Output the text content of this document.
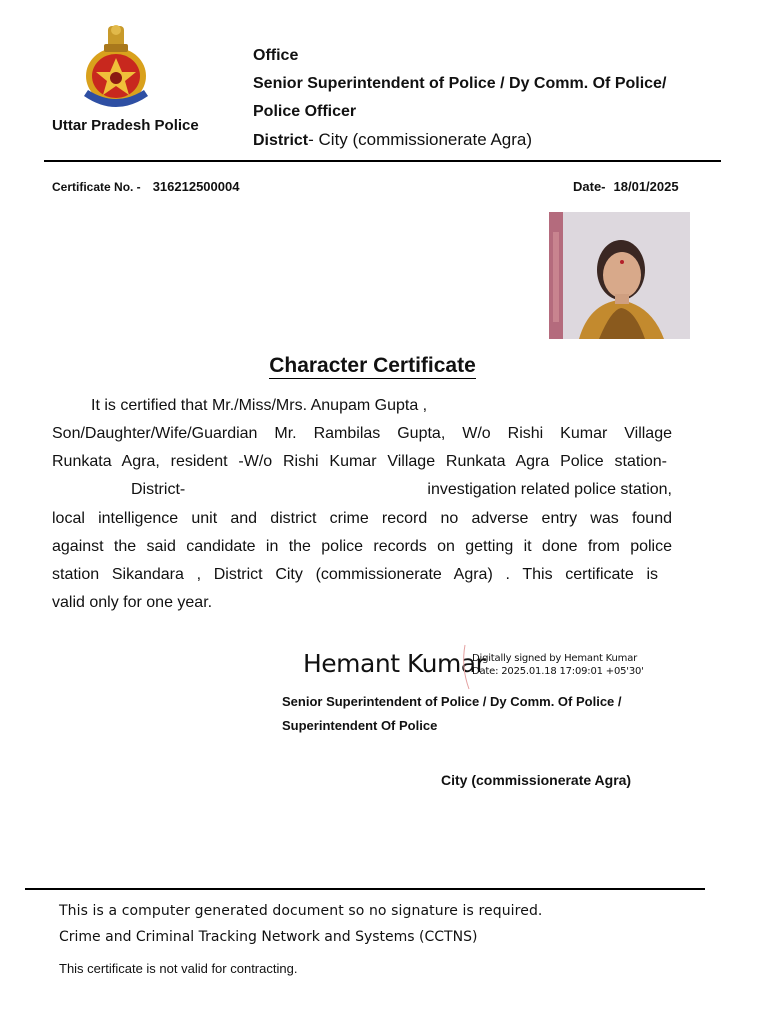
Uttar Pradesh Police
Office
Senior Superintendent of Police / Dy Comm. Of Police/
Police Officer
District- City (commissionerate Agra)
Certificate No. - 316212500004	Date- 18/01/2025
Character Certificate
It is certified that Mr./Miss/Mrs. Anupam Gupta ,
Son/Daughter/Wife/Guardian Mr. Rambilas Gupta, W/o Rishi Kumar Village
Runkata Agra, resident -W/o Rishi Kumar Village Runkata Agra Police station-
District-	investigation related police station,
local intelligence unit and district crime record no adverse entry was found
against the said candidate in the police records on getting it done from police
station Sikandara , District City (commissionerate Agra) . This certificate is
valid only for one year.
Hemant Kumar
Digitally signed by Hemant Kumar
Date: 2025.01.18 17:09:01 +05'30'
Senior Superintendent of Police / Dy Comm. Of Police /
Superintendent Of Police
City (commissionerate Agra)
This is a computer generated document so no signature is required.
Crime and Criminal Tracking Network and Systems (CCTNS)
This certificate is not valid for contracting.
